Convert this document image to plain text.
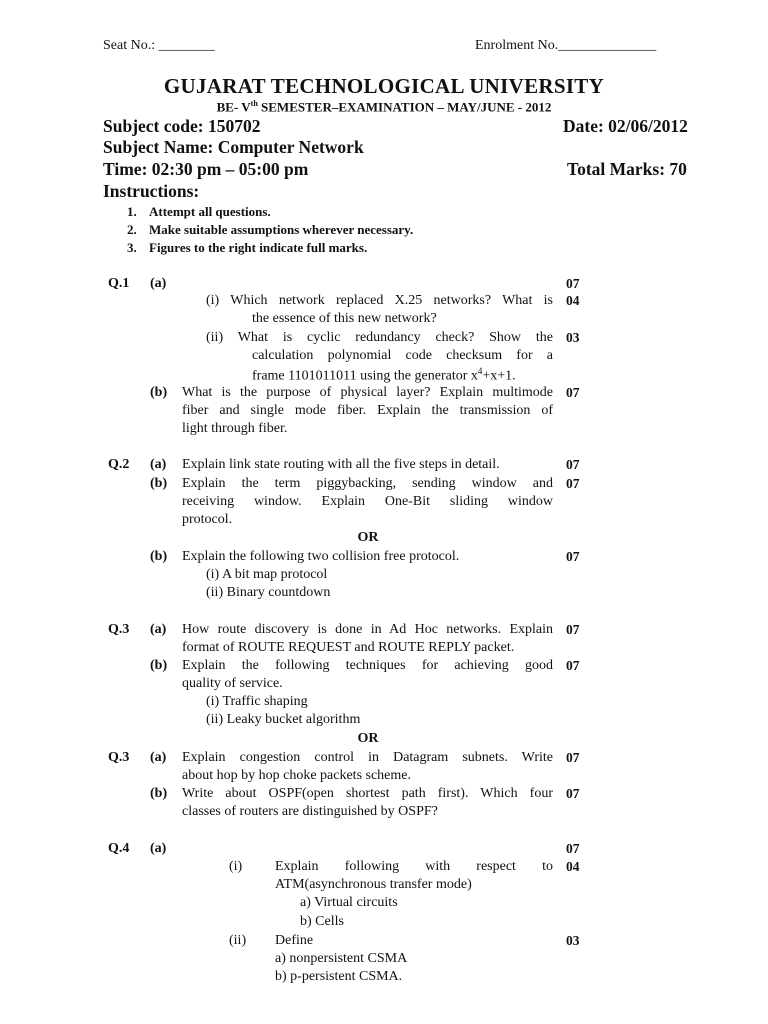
Seat No.: ________	Enrolment No.______________
GUJARAT TECHNOLOGICAL UNIVERSITY
BE- Vth SEMESTER–EXAMINATION – MAY/JUNE - 2012
Subject code: 150702	Date: 02/06/2012
Subject Name: Computer Network
Time: 02:30 pm – 05:00 pm	Total Marks: 70
Instructions:
1. Attempt all questions.
2. Make suitable assumptions wherever necessary.
3. Figures to the right indicate full marks.
Q.1 (a)	07
(i) Which network replaced X.25 networks? What is 04
the essence of this new network?
(ii) What is cyclic redundancy check? Show the 03
calculation polynomial code checksum for a
frame 1101011011 using the generator $x^4+x+1$.
(b) What is the purpose of physical layer? Explain multimode 07
fiber and single mode fiber. Explain the transmission of
light through fiber.
Q.2 (a) Explain link state routing with all the five steps in detail.	07
(b) Explain the term piggybacking, sending window and 07
receiving window. Explain One-Bit sliding window
protocol.
OR
(b) Explain the following two collision free protocol.	07
(i) A bit map protocol
(ii) Binary countdown
Q.3 (a) How route discovery is done in Ad Hoc networks. Explain 07
format of ROUTE REQUEST and ROUTE REPLY packet.
(b) Explain the following techniques for achieving good 07
quality of service.
(i) Traffic shaping
(ii) Leaky bucket algorithm
OR
Q.3 (a) Explain congestion control in Datagram subnets. Write 07
about hop by hop choke packets scheme.
(b) Write about OSPF(open shortest path first). Which four 07
classes of routers are distinguished by OSPF?
Q.4 (a)	07
(i) Explain following with respect to 04
ATM(asynchronous transfer mode)
a) Virtual circuits
b) Cells
(ii) Define	03
a) nonpersistent CSMA
b) p-persistent CSMA.
